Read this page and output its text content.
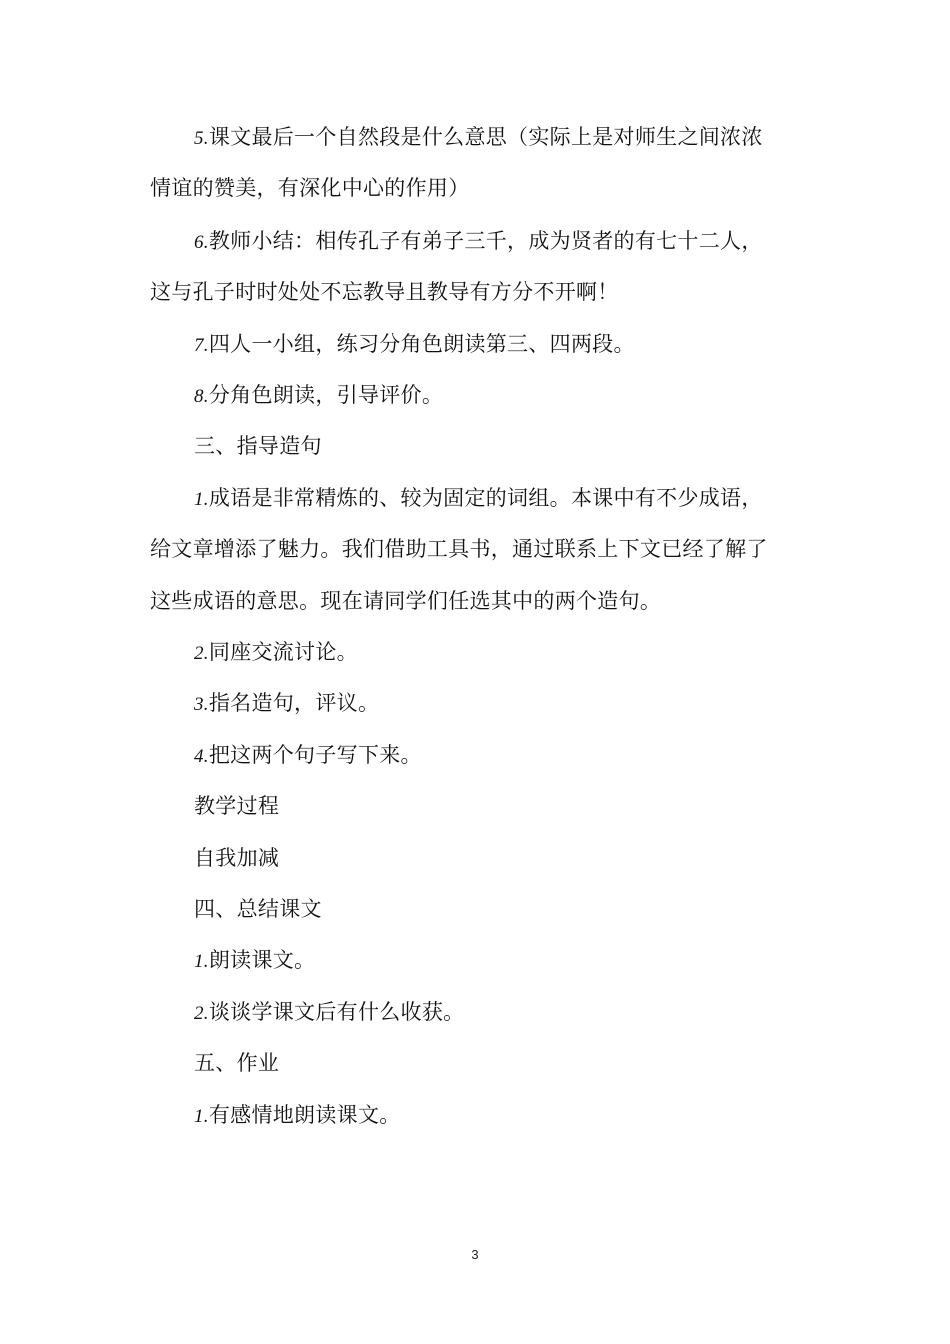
5.课文最后一个自然段是什么意思（实际上是对师生之间浓浓
情谊的赞美，有深化中心的作用）
6.教师小结：相传孔子有弟子三千，成为贤者的有七十二人，
这与孔子时时处处不忘教导且教导有方分不开啊！
7.四人一小组，练习分角色朗读第三、四两段。
8.分角色朗读，引导评价。
三、指导造句
1.成语是非常精炼的、较为固定的词组。本课中有不少成语，
给文章增添了魅力。我们借助工具书，通过联系上下文已经了解了
这些成语的意思。现在请同学们任选其中的两个造句。
2.同座交流讨论。
3.指名造句，评议。
4.把这两个句子写下来。
教学过程
自我加减
四、总结课文
1.朗读课文。
2.谈谈学课文后有什么收获。
五、作业
1.有感情地朗读课文。
3
